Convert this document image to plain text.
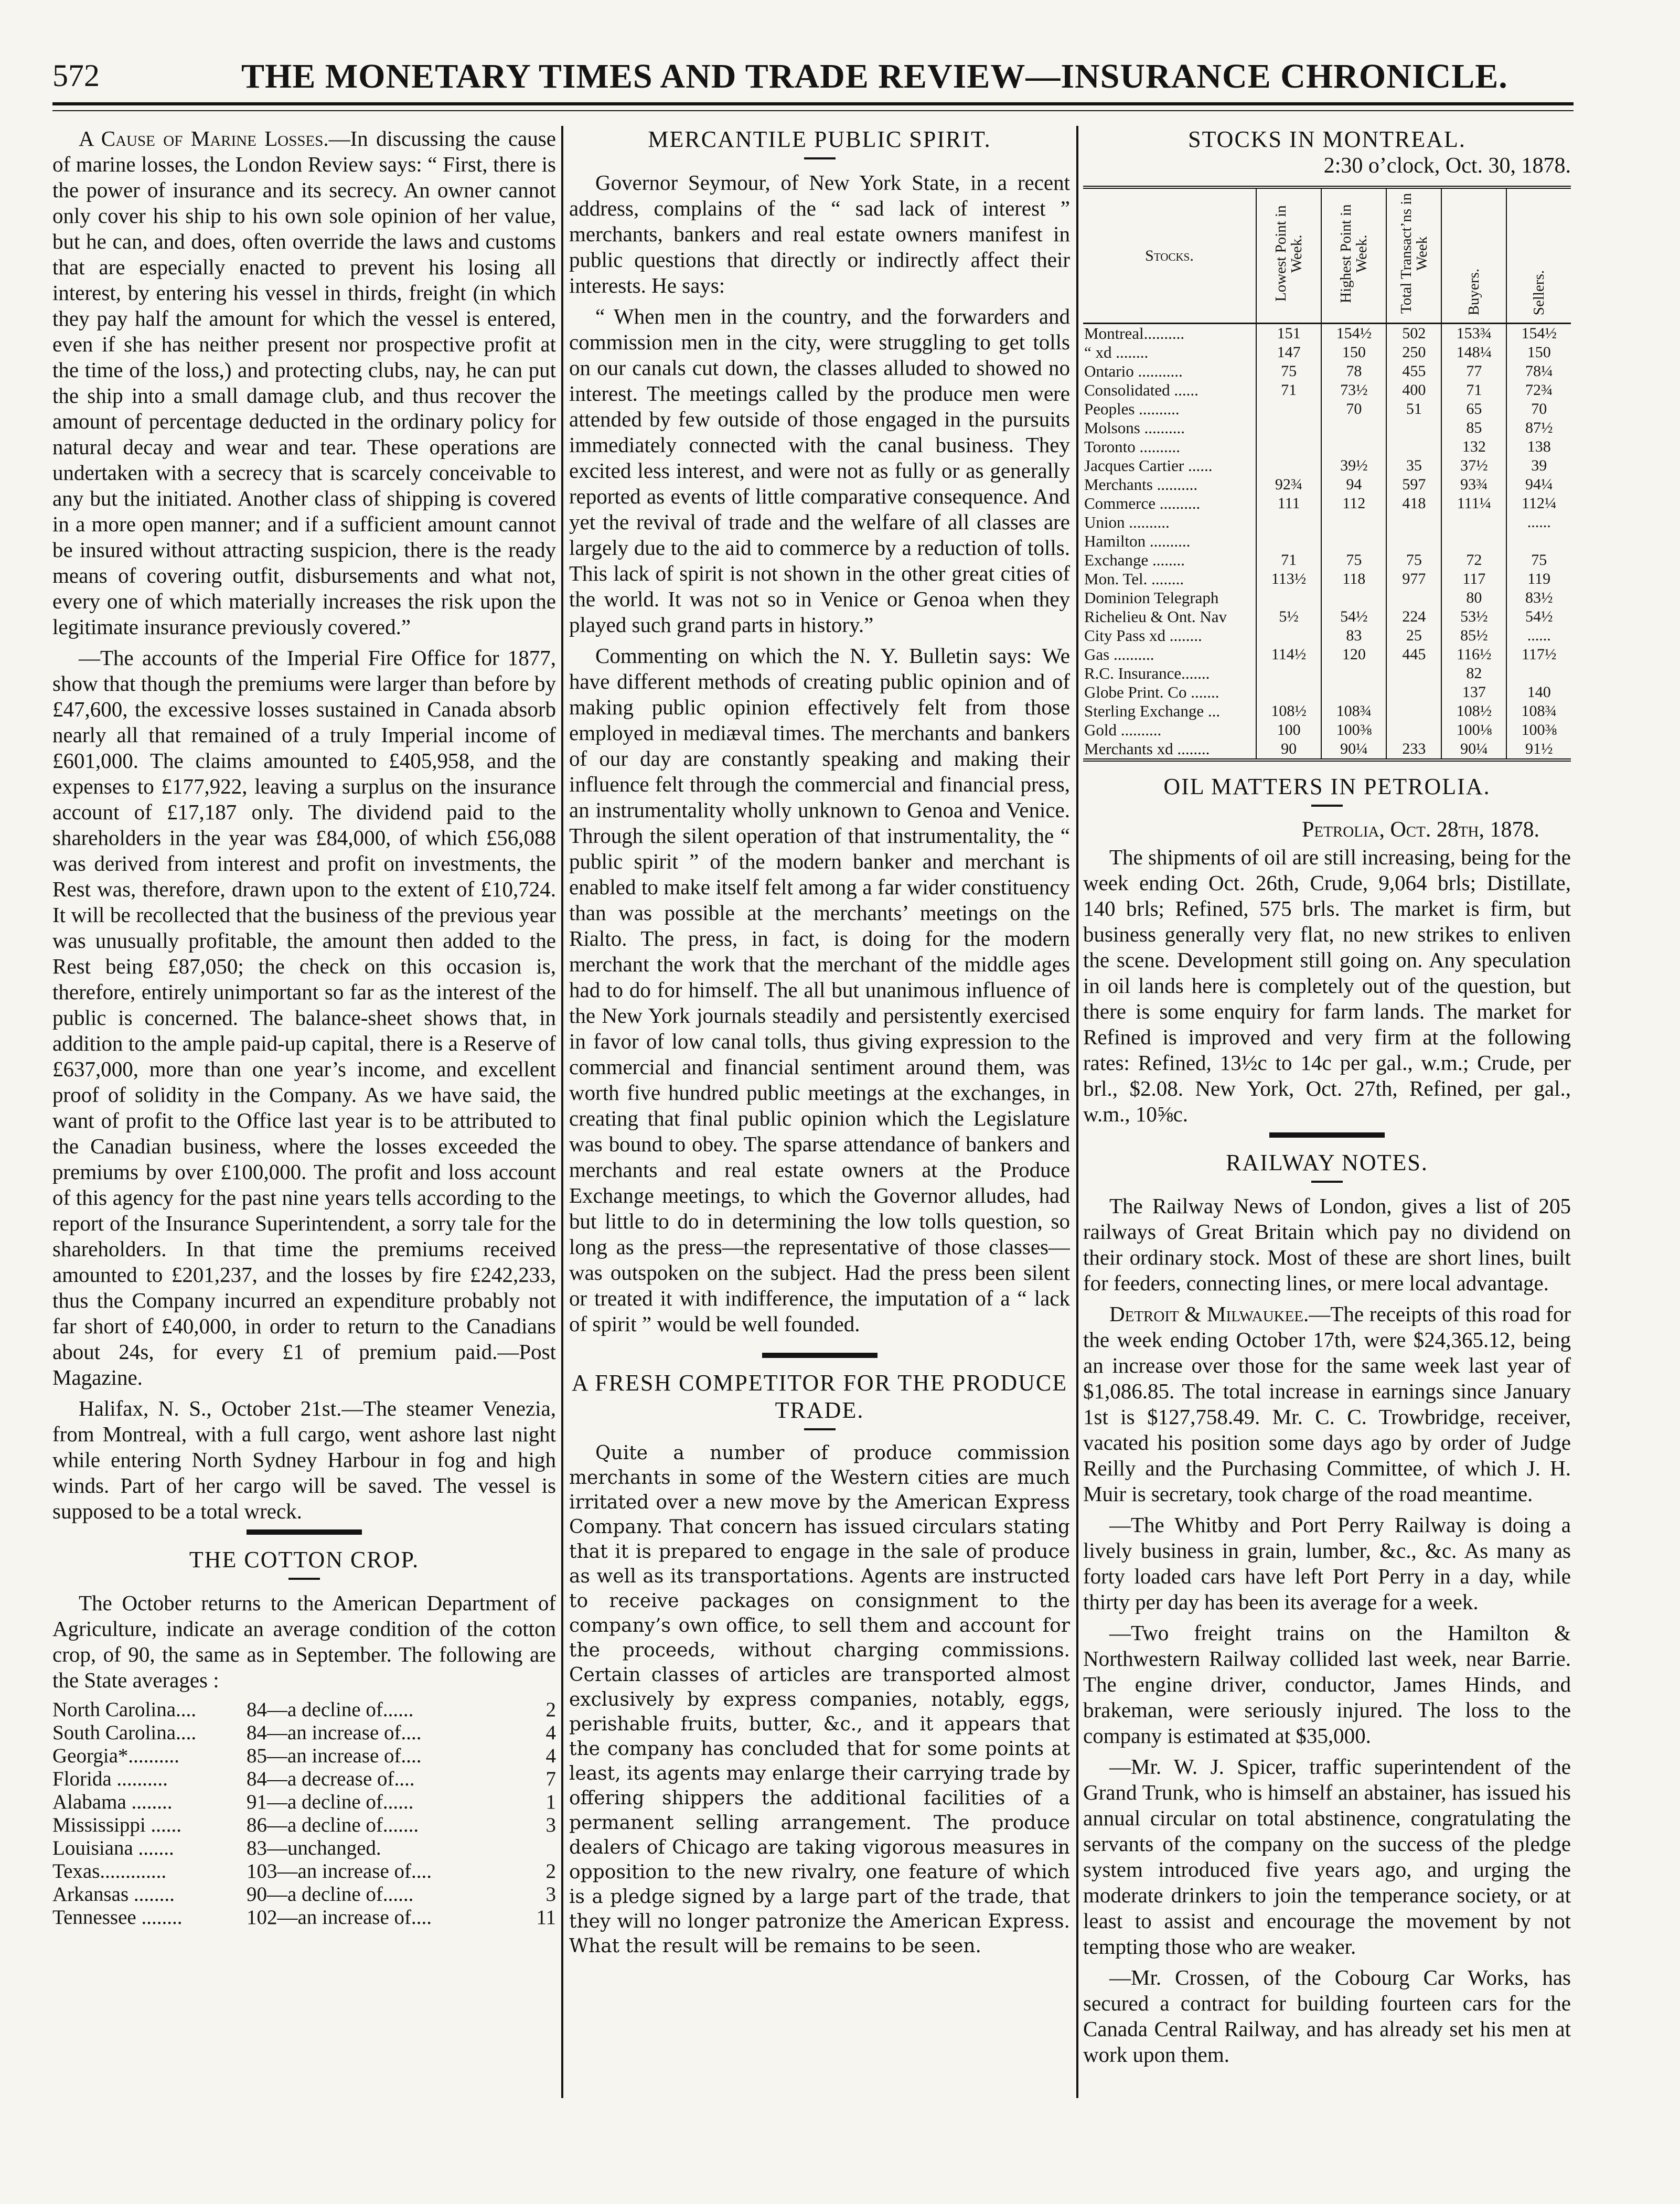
572	THE MONETARY TIMES AND TRADE REVIEW—INSURANCE CHRONICLE.

A Cause of Marine Losses.—In discussing the cause of marine losses, the London Review says: “ First, there is the power of insurance and its secrecy. An owner cannot only cover his ship to his own sole opinion of her value, but he can, and does, often override the laws and customs that are especially enacted to prevent his losing all interest, by entering his vessel in thirds, freight (in which they pay half the amount for which the vessel is entered, even if she has neither present nor prospective profit at the time of the loss,) and protecting clubs, nay, he can put the ship into a small damage club, and thus recover the amount of percentage deducted in the ordinary policy for natural decay and wear and tear. These operations are undertaken with a secrecy that is scarcely conceivable to any but the initiated. Another class of shipping is covered in a more open manner; and if a sufficient amount cannot be insured without attracting suspicion, there is the ready means of covering outfit, disbursements and what not, every one of which materially increases the risk upon the legitimate insurance previously covered.”

—The accounts of the Imperial Fire Office for 1877, show that though the premiums were larger than before by £47,600, the excessive losses sustained in Canada absorb nearly all that remained of a truly Imperial income of £601,000. The claims amounted to £405,958, and the expenses to £177,922, leaving a surplus on the insurance account of £17,187 only. The dividend paid to the shareholders in the year was £84,000, of which £56,088 was derived from interest and profit on investments, the Rest was, therefore, drawn upon to the extent of £10,724. It will be recollected that the business of the previous year was unusually profitable, the amount then added to the Rest being £87,050; the check on this occasion is, therefore, entirely unimportant so far as the interest of the public is concerned. The balance-sheet shows that, in addition to the ample paid-up capital, there is a Reserve of £637,000, more than one year’s income, and excellent proof of solidity in the Company. As we have said, the want of profit to the Office last year is to be attributed to the Canadian business, where the losses exceeded the premiums by over £100,000. The profit and loss account of this agency for the past nine years tells according to the report of the Insurance Superintendent, a sorry tale for the shareholders. In that time the premiums received amounted to £201,237, and the losses by fire £242,233, thus the Company incurred an expenditure probably not far short of £40,000, in order to return to the Canadians about 24s, for every £1 of premium paid.—Post Magazine.

Halifax, N. S., October 21st.—The steamer Venezia, from Montreal, with a full cargo, went ashore last night while entering North Sydney Harbour in fog and high winds. Part of her cargo will be saved. The vessel is supposed to be a total wreck.

THE COTTON CROP.

The October returns to the American Department of Agriculture, indicate an average condition of the cotton crop, of 90, the same as in September. The following are the State averages :

North Carolina....	84—a decline of......	2
South Carolina....	84—an increase of....	4
Georgia*..........	85—an increase of....	4
Florida ..........	84—a decrease of....	7
Alabama ........	91—a decline of......	1
Mississippi ......	86—a decline of.......	3
Louisiana .......	83—unchanged.
Texas.............	103—an increase of....	2
Arkansas ........	90—a decline of......	3
Tennessee ........	102—an increase of....	11
MERCANTILE PUBLIC SPIRIT.

Governor Seymour, of New York State, in a recent address, complains of the “ sad lack of interest ” merchants, bankers and real estate owners manifest in public questions that directly or indirectly affect their interests. He says:

“ When men in the country, and the forwarders and commission men in the city, were struggling to get tolls on our canals cut down, the classes alluded to showed no interest. The meetings called by the produce men were attended by few outside of those engaged in the pursuits immediately connected with the canal business. They excited less interest, and were not as fully or as generally reported as events of little comparative consequence. And yet the revival of trade and the welfare of all classes are largely due to the aid to commerce by a reduction of tolls. This lack of spirit is not shown in the other great cities of the world. It was not so in Venice or Genoa when they played such grand parts in history.”

Commenting on which the N. Y. Bulletin says: We have different methods of creating public opinion and of making public opinion effectively felt from those employed in mediæval times. The merchants and bankers of our day are constantly speaking and making their influence felt through the commercial and financial press, an instrumentality wholly unknown to Genoa and Venice. Through the silent operation of that instrumentality, the “ public spirit ” of the modern banker and merchant is enabled to make itself felt among a far wider constituency than was possible at the merchants’ meetings on the Rialto. The press, in fact, is doing for the modern merchant the work that the merchant of the middle ages had to do for himself. The all but unanimous influence of the New York journals steadily and persistently exercised in favor of low canal tolls, thus giving expression to the commercial and financial sentiment around them, was worth five hundred public meetings at the exchanges, in creating that final public opinion which the Legislature was bound to obey. The sparse attendance of bankers and merchants and real estate owners at the Produce Exchange meetings, to which the Governor alludes, had but little to do in determining the low tolls question, so long as the press—the representative of those classes—was outspoken on the subject. Had the press been silent or treated it with indifference, the imputation of a “ lack of spirit ” would be well founded.

A FRESH COMPETITOR FOR THE PRODUCE TRADE.

Quite a number of produce commission merchants in some of the Western cities are much irritated over a new move by the American Express Company. That concern has issued circulars stating that it is prepared to engage in the sale of produce as well as its transportations. Agents are instructed to receive packages on consignment to the company’s own office, to sell them and account for the proceeds, without charging commissions. Certain classes of articles are transported almost exclusively by express companies, notably, eggs, perishable fruits, butter, &c., and it appears that the company has concluded that for some points at least, its agents may enlarge their carrying trade by offering shippers the additional facilities of a permanent selling arrangement. The produce dealers of Chicago are taking vigorous measures in opposition to the new rivalry, one feature of which is a pledge signed by a large part of the trade, that they will no longer patronize the American Express. What the result will be remains to be seen.

STOCKS IN MONTREAL.
2:30 o’clock, Oct. 30, 1878.
Stocks.	Lowest Point in Week.	Highest Point in Week.	Total Transact’ns in Week	Buyers.	Sellers.
Montreal..........	151	154½	502	153¾	154½
“ xd ........	147	150	250	148¼	150
Ontario ...........	75	78	455	77	78¼
Consolidated ......	71	73½	400	71	72¾
Peoples ..........		70	51	65	70
Molsons ..........				85	87½
Toronto ..........				132	138
Jacques Cartier ......		39½	35	37½	39
Merchants ..........	92¾	94	597	93¾	94¼
Commerce ..........	111	112	418	111¼	112¼
Union ..........					......
Hamilton ..........					
Exchange ........	71	75	75	72	75
Mon. Tel. ........	113½	118	977	117	119
Dominion Telegraph				80	83½
Richelieu & Ont. Nav	5½	54½	224	53½	54½
City Pass xd ........		83	25	85½	......
Gas ..........	114½	120	445	116½	117½
R.C. Insurance.......				82	
Globe Print. Co .......				137	140
Sterling Exchange ...	108½	108¾		108½	108¾
Gold ..........	100	100⅜		100⅛	100⅜
Merchants xd ........	90	90¼	233	90¼	91½
OIL MATTERS IN PETROLIA.
Petrolia, Oct. 28th, 1878.

The shipments of oil are still increasing, being for the week ending Oct. 26th, Crude, 9,064 brls; Distillate, 140 brls; Refined, 575 brls. The market is firm, but business generally very flat, no new strikes to enliven the scene. Development still going on. Any speculation in oil lands here is completely out of the question, but there is some enquiry for farm lands. The market for Refined is improved and very firm at the following rates: Refined, 13½c to 14c per gal., w.m.; Crude, per brl., $2.08. New York, Oct. 27th, Refined, per gal., w.m., 10⅝c.

RAILWAY NOTES.

The Railway News of London, gives a list of 205 railways of Great Britain which pay no dividend on their ordinary stock. Most of these are short lines, built for feeders, connecting lines, or mere local advantage.

Detroit & Milwaukee.—The receipts of this road for the week ending October 17th, were $24,365.12, being an increase over those for the same week last year of $1,086.85. The total increase in earnings since January 1st is $127,758.49. Mr. C. C. Trowbridge, receiver, vacated his position some days ago by order of Judge Reilly and the Purchasing Committee, of which J. H. Muir is secretary, took charge of the road meantime.

—The Whitby and Port Perry Railway is doing a lively business in grain, lumber, &c., &c. As many as forty loaded cars have left Port Perry in a day, while thirty per day has been its average for a week.

—Two freight trains on the Hamilton & Northwestern Railway collided last week, near Barrie. The engine driver, conductor, James Hinds, and brakeman, were seriously injured. The loss to the company is estimated at $35,000.

—Mr. W. J. Spicer, traffic superintendent of the Grand Trunk, who is himself an abstainer, has issued his annual circular on total abstinence, congratulating the servants of the company on the success of the pledge system introduced five years ago, and urging the moderate drinkers to join the temperance society, or at least to assist and encourage the movement by not tempting those who are weaker.

—Mr. Crossen, of the Cobourg Car Works, has secured a contract for building fourteen cars for the Canada Central Railway, and has already set his men at work upon them.
